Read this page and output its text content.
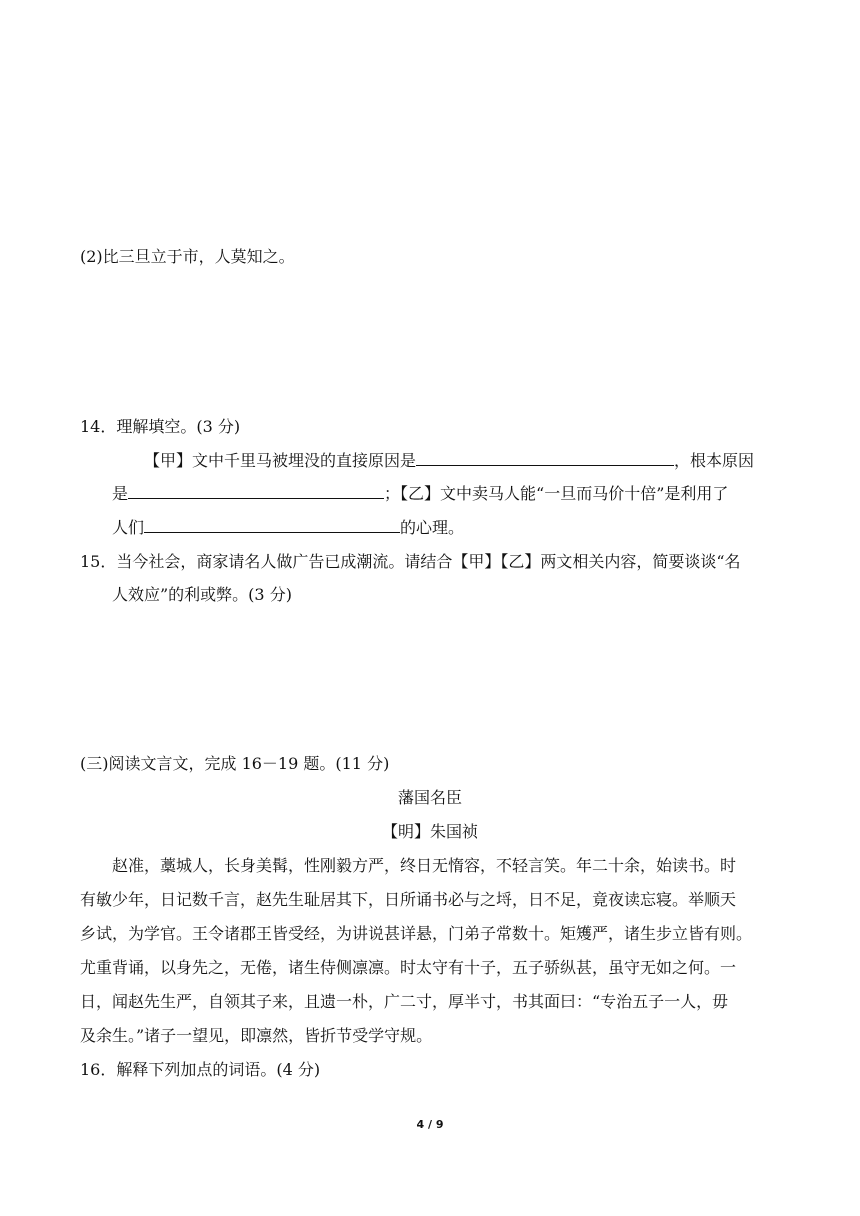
(2)比三旦立于市，人莫知之。
14．理解填空。(3 分)
【甲】文中千里马被埋没的直接原因是	，根本原因
是	；【乙】文中卖马人能“一旦而马价十倍”是利用了
人们	的心理。
15．当今社会，商家请名人做广告已成潮流。请结合【甲】【乙】两文相关内容，简要谈谈“名
人效应”的利或弊。(3 分)
(三)阅读文言文，完成 16－19 题。(11 分)
藩国名臣
【明】朱国祯
赵准，藁城人，长身美髯，性刚毅方严，终日无惰容，不轻言笑。年二十余，始读书。时
有敏少年，日记数千言，赵先生耻居其下，日所诵书必与之埒，日不足，竟夜读忘寝。举顺天
乡试，为学官。王令诸郡王皆受经，为讲说甚详悬，门弟子常数十。矩矱严，诸生步立皆有则。
尤重背诵，以身先之，无倦，诸生侍侧凛凛。时太守有十子，五子骄纵甚，虽守无如之何。一
日，闻赵先生严，自领其子来，且遗一朴，广二寸，厚半寸，书其面曰：“专治五子一人，毋
及余生。”诸子一望见，即凛然，皆折节受学守规。
16．解释下列加点的词语。(4 分)
4 / 9
